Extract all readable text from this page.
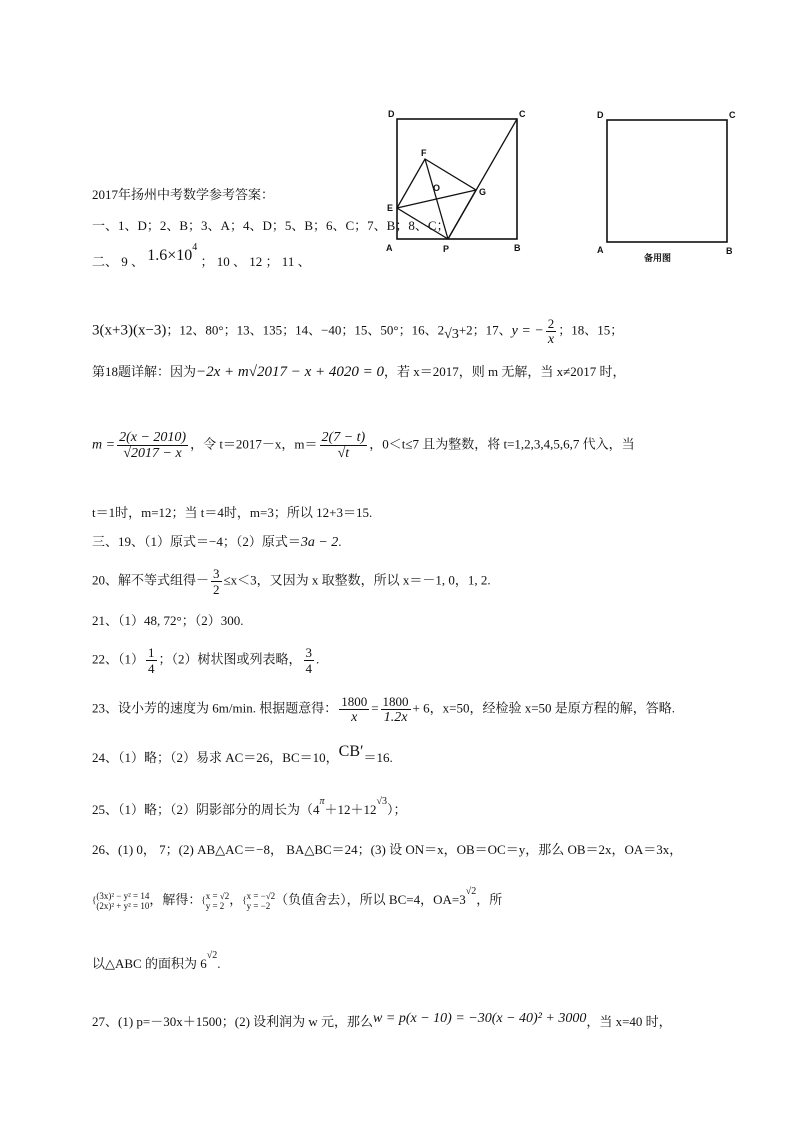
D	C
A	B
P
E
F
G
O
D	C
A	B
备用图
2017年扬州中考数学参考答案：
一、1、D；2、B；3、A；4、D；5、B；6、C；7、B；8、C；
二、 9 、 $1.6\times 10^4$ ； 10 、 12 ； 11 、
3(x+3)(x−3)；12、80°；13、135；14、−40；15、50°；16、2√3+2；17、y = − $\frac{2}{x}$ ；18、15；
第18题详解：因为−2x + m√2017 − x + 4020 = 0，若 x＝2017，则 m 无解，当 x≠2017 时，
$m = \frac{2(x - 2010)}{√2017 - x}$ ，令 t＝2017－x，$m= \frac{2(7 - t)}{√t}$ ，0＜t≤7 且为整数，将 t=1,2,3,4,5,6,7 代入，当
t＝1时，m=12；当 t＝4时，m=3；所以 12+3＝15.
三、19、（1）原式＝−4；（2）原式＝3a − 2.
20、解不等式组得－ $\frac{3}{2} \le x<3$，又因为 x 取整数，所以 x＝－1, 0，1, 2.
21、（1）48, 72°；（2）300.
22、$(1) \frac{1}{4}$ ；（2）树状图或列表略， $\frac{3}{4}$ .
23、设小芳的速度为 6m/min. 根据题意得： $\frac{1800}{x} = \frac{1800}{1.2x} + 6$，x=50，经检验 x=50 是原方程的解，答略.
24、（1）略；（2）易求 AC＝26，BC＝10，CB′＝16.
25、（1）略；（2）阴影部分的周长为$(4^\pi+12+12^{√3})$；
26、(1) 0， 7；(2) AB△AC＝−8， BA△BC＝24；(3) 设 ON＝x，OB＝OC＝y，那么 OB＝2x，OA＝3x，
{ (3x)² − y² = 14
(2x)² + y² = 10 ，解得：{ x = √2
y = 2 ，{ x = −√2
y = −2 （负值舍去），所以 BC=4，$OA=3^{√2}$，所
以△ABC 的面积为 $6^{√2}$.
27、(1) p=－30x＋1500；(2) 设利润为 w 元，那么w = p(x − 10) = −30(x − 40)² + 3000，当 x=40 时，
